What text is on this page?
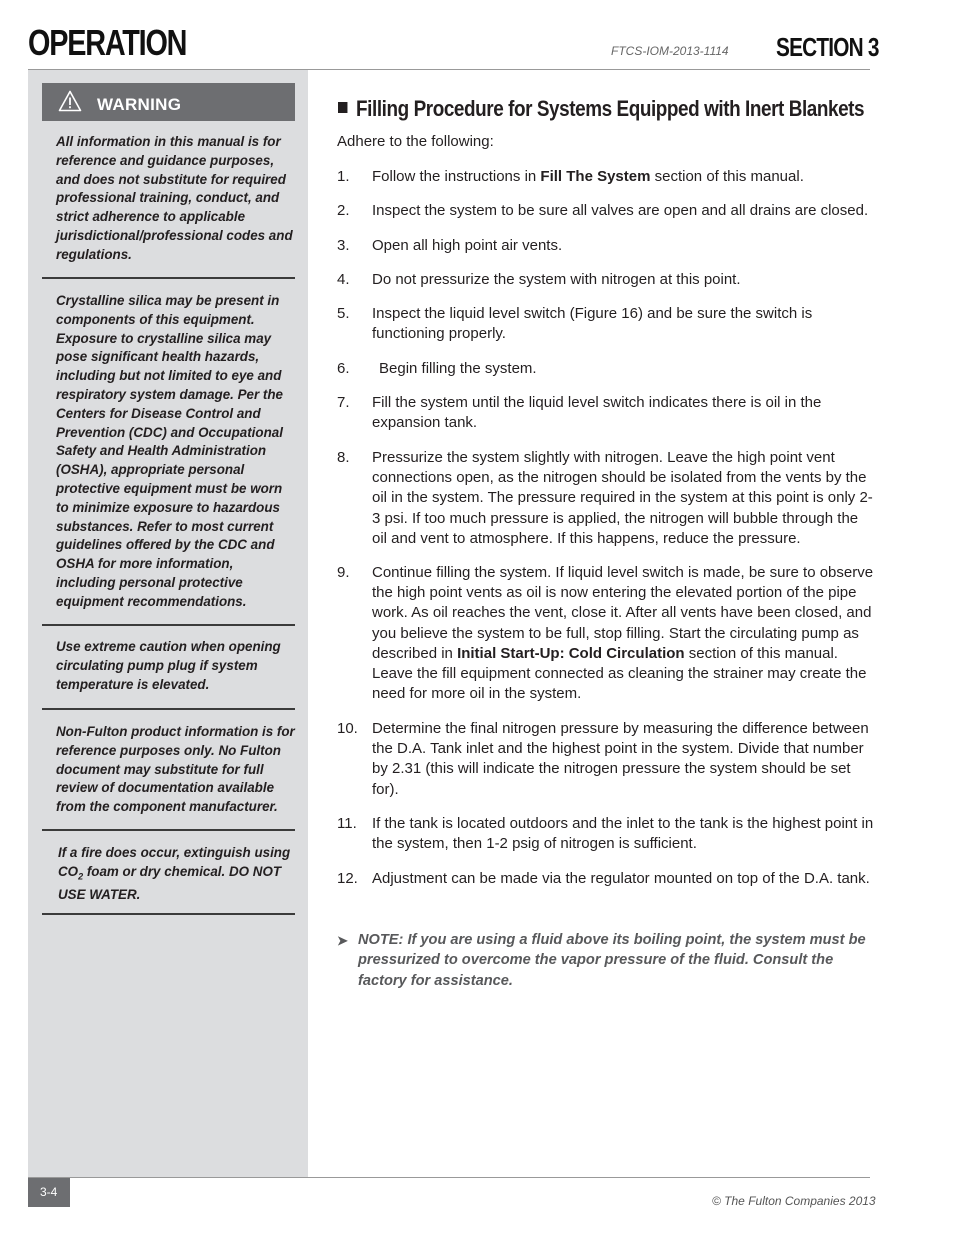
OPERATION	FTCS-IOM-2013-1114 SECTION 3
WARNING
All information in this manual is for reference and guidance purposes, and does not substitute for required professional training, conduct, and strict adherence to applicable jurisdictional/professional codes and regulations.
Crystalline silica may be present in components of this equipment. Exposure to crystalline silica may pose significant health hazards, including but not limited to eye and respiratory system damage. Per the Centers for Disease Control and Prevention (CDC) and Occupational Safety and Health Administration (OSHA), appropriate personal protective equipment must be worn to minimize exposure to hazardous substances. Refer to most current guidelines offered by the CDC and OSHA for more information, including personal protective equipment recommendations.
Use extreme caution when opening circulating pump plug if system temperature is elevated.
Non-Fulton product information is for reference purposes only. No Fulton document may substitute for full review of documentation available from the component manufacturer.
If a fire does occur, extinguish using $CO_2$ foam or dry chemical. DO NOT USE WATER.
Filling Procedure for Systems Equipped with Inert Blankets
Adhere to the following:
1. Follow the instructions in Fill The System section of this manual.
2. Inspect the system to be sure all valves are open and all drains are closed.
3. Open all high point air vents.
4. Do not pressurize the system with nitrogen at this point.
5. Inspect the liquid level switch (Figure 16) and be sure the switch is functioning properly.
6. Begin filling the system.
7. Fill the system until the liquid level switch indicates there is oil in the expansion tank.
8. Pressurize the system slightly with nitrogen. Leave the high point vent connections open, as the nitrogen should be isolated from the vents by the oil in the system. The pressure required in the system at this point is only 2-3 psi. If too much pressure is applied, the nitrogen will bubble through the oil and vent to atmosphere. If this happens, reduce the pressure.
9. Continue filling the system. If liquid level switch is made, be sure to observe the high point vents as oil is now entering the elevated portion of the pipe work. As oil reaches the vent, close it. After all vents have been closed, and you believe the system to be full, stop filling. Start the circulating pump as described in Initial Start-Up: Cold Circulation section of this manual. Leave the fill equipment connected as cleaning the strainer may create the need for more oil in the system.
10. Determine the final nitrogen pressure by measuring the difference between the D.A. Tank inlet and the highest point in the system. Divide that number by 2.31 (this will indicate the nitrogen pressure the system should be set for).
11. If the tank is located outdoors and the inlet to the tank is the highest point in the system, then 1-2 psig of nitrogen is sufficient.
12. Adjustment can be made via the regulator mounted on top of the D.A. tank.
➤ NOTE: If you are using a fluid above its boiling point, the system must be pressurized to overcome the vapor pressure of the fluid. Consult the factory for assistance.
3-4
© The Fulton Companies 2013
